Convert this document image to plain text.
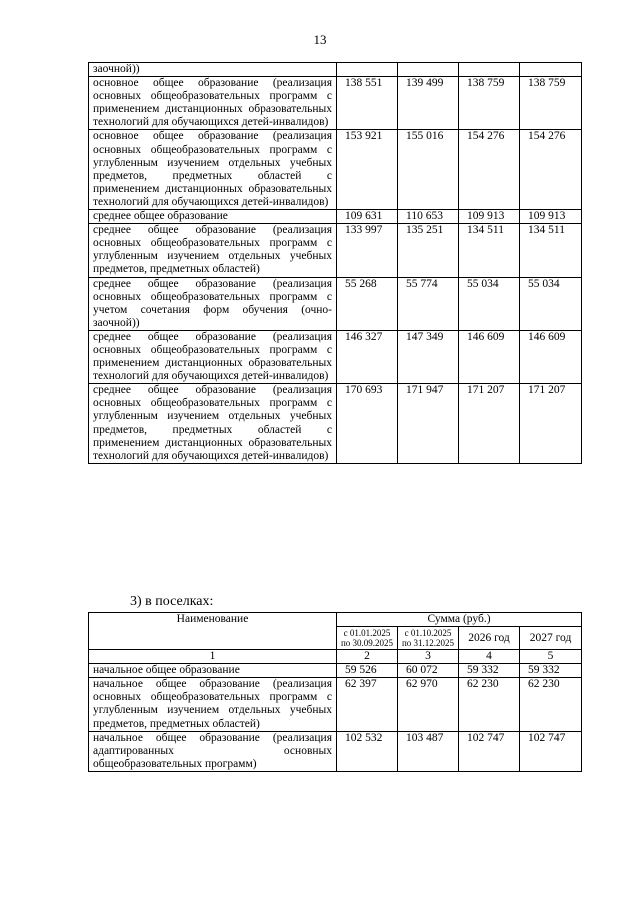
13
заочной))				
основное общее образование (реализация основных общеобразовательных программ с применением дистанционных образовательных технологий для обучающихся детей-инвалидов)	138 551	139 499	138 759	138 759
основное общее образование (реализация основных общеобразовательных программ с углубленным изучением отдельных учебных предметов, предметных областей с применением дистанционных образовательных технологий для обучающихся детей-инвалидов)	153 921	155 016	154 276	154 276
среднее общее образование	109 631	110 653	109 913	109 913
среднее общее образование (реализация основных общеобразовательных программ с углубленным изучением отдельных учебных предметов, предметных областей)	133 997	135 251	134 511	134 511
среднее общее образование (реализация основных общеобразовательных программ с учетом сочетания форм обучения (очно-заочной))	55 268	55 774	55 034	55 034
среднее общее образование (реализация основных общеобразовательных программ с применением дистанционных образовательных технологий для обучающихся детей-инвалидов)	146 327	147 349	146 609	146 609
среднее общее образование (реализация основных общеобразовательных программ с углубленным изучением отдельных учебных предметов, предметных областей с применением дистанционных образовательных технологий для обучающихся детей-инвалидов)	170 693	171 947	171 207	171 207
3) в поселках:
Наименование	Сумма (руб.)			
	с 01.01.2025 по 30.09.2025	с 01.10.2025 по 31.12.2025	2026 год	2027 год
1	2	3	4	5
начальное общее образование	59 526	60 072	59 332	59 332
начальное общее образование (реализация основных общеобразовательных программ с углубленным изучением отдельных учебных предметов, предметных областей)	62 397	62 970	62 230	62 230
начальное общее образование (реализация адаптированных основных общеобразовательных программ)	102 532	103 487	102 747	102 747
